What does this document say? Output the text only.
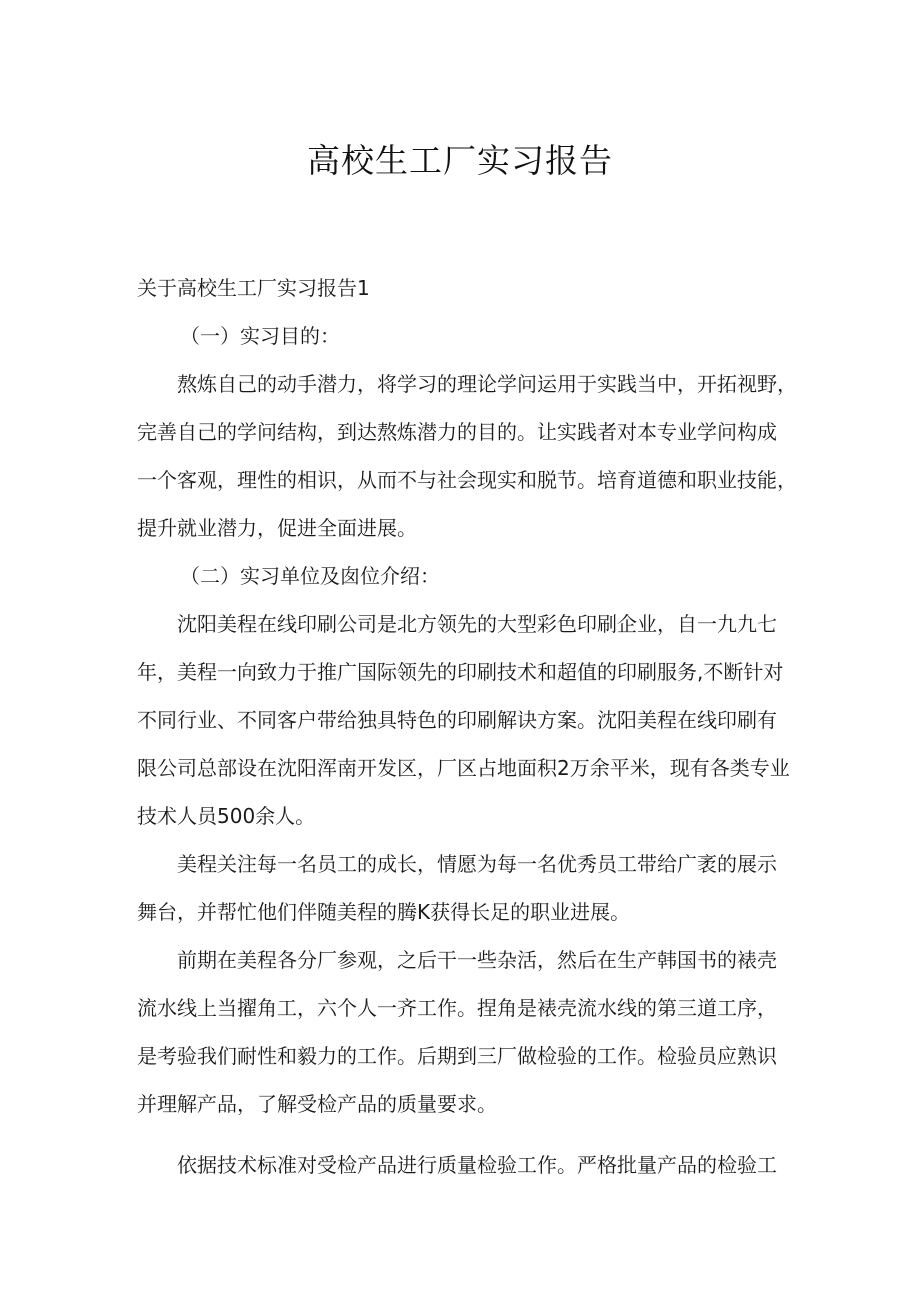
高校生工厂实习报告
关于高校生工厂实习报告1
（一）实习目的：
熬炼自己的动手潜力，将学习的理论学问运用于实践当中，开拓视野，
完善自己的学问结构，到达熬炼潜力的目的。让实践者对本专业学问构成
一个客观，理性的相识，从而不与社会现实和脱节。培育道德和职业技能，
提升就业潜力，促进全面进展。
（二）实习单位及囱位介绍：
沈阳美程在线印刷公司是北方领先的大型彩色印刷企业，自一九九七
年，美程一向致力于推广国际领先的印刷技术和超值的印刷服务,不断针对
不同行业、不同客户带给独具特色的印刷解诀方案。沈阳美程在线印刷有
限公司总部设在沈阳浑南开发区，厂区占地面积2万余平米，现有各类专业
技术人员500余人。
美程关注每一名员工的成长，情愿为每一名优秀员工带给广袤的展示
舞台，并帮忙他们伴随美程的腾K获得长足的职业进展。
前期在美程各分厂参观，之后干一些杂活，然后在生产韩国书的裱壳
流水线上当擢角工，六个人一齐工作。捏角是裱壳流水线的第三道工序，
是考验我们耐性和毅力的工作。后期到三厂做检验的工作。检验员应熟识
并理解产品，了解受检产品的质量要求。
依据技术标准对受检产品进行质量检验工作。严格批量产品的检验工
